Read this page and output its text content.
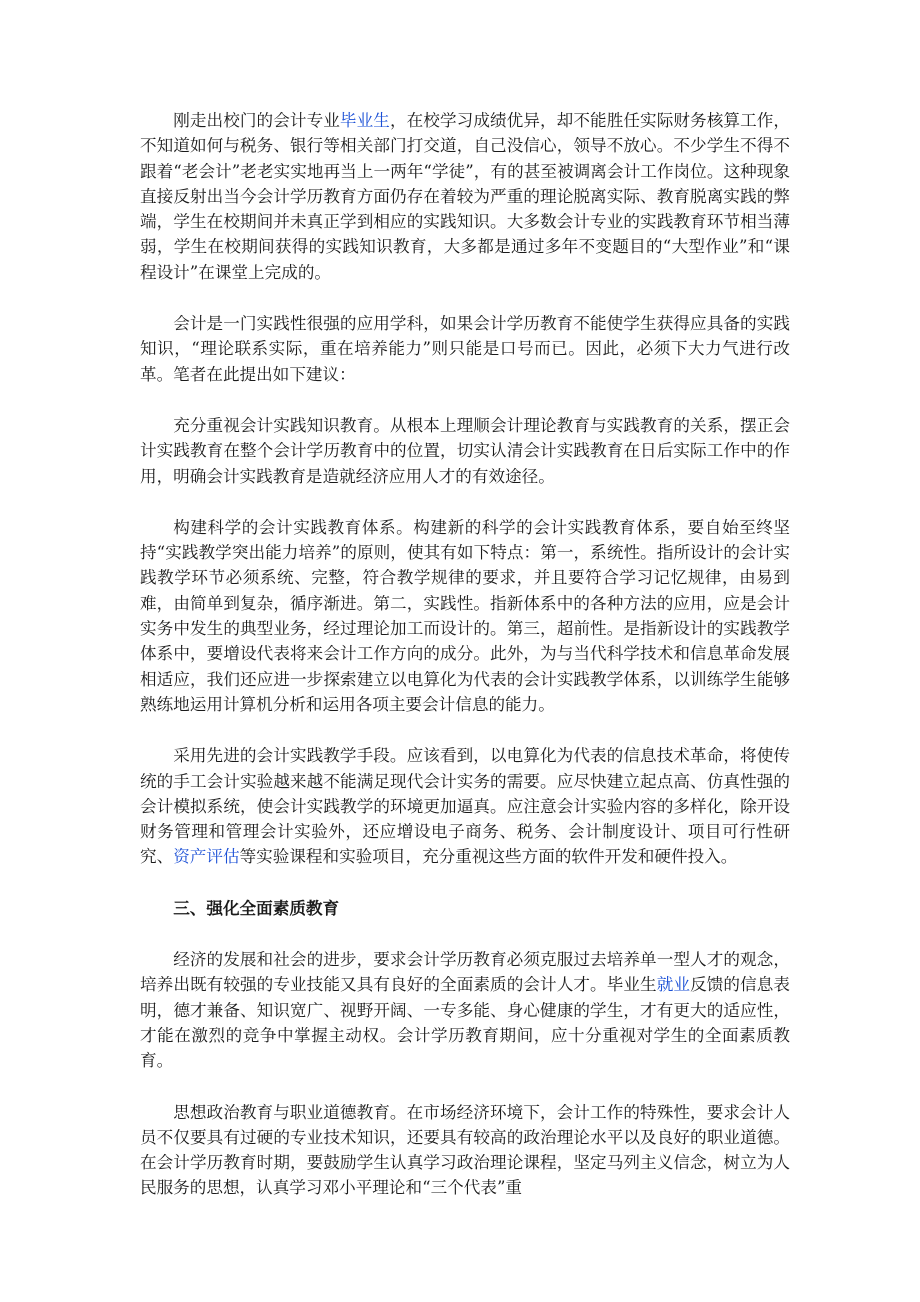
刚走出校门的会计专业毕业生，在校学习成绩优异，却不能胜任实际财务核算工作，不知道如何与税务、银行等相关部门打交道，自己没信心，领导不放心。不少学生不得不跟着“老会计”老老实实地再当上一两年“学徒”，有的甚至被调离会计工作岗位。这种现象直接反射出当今会计学历教育方面仍存在着较为严重的理论脱离实际、教育脱离实践的弊端，学生在校期间并未真正学到相应的实践知识。大多数会计专业的实践教育环节相当薄弱，学生在校期间获得的实践知识教育，大多都是通过多年不变题目的“大型作业”和“课程设计”在课堂上完成的。

会计是一门实践性很强的应用学科，如果会计学历教育不能使学生获得应具备的实践知识，“理论联系实际，重在培养能力”则只能是口号而已。因此，必须下大力气进行改革。笔者在此提出如下建议：

充分重视会计实践知识教育。从根本上理顺会计理论教育与实践教育的关系，摆正会计实践教育在整个会计学历教育中的位置，切实认清会计实践教育在日后实际工作中的作用，明确会计实践教育是造就经济应用人才的有效途径。

构建科学的会计实践教育体系。构建新的科学的会计实践教育体系，要自始至终坚持“实践教学突出能力培养”的原则，使其有如下特点：第一，系统性。指所设计的会计实践教学环节必须系统、完整，符合教学规律的要求，并且要符合学习记忆规律，由易到难，由简单到复杂，循序渐进。第二，实践性。指新体系中的各种方法的应用，应是会计实务中发生的典型业务，经过理论加工而设计的。第三，超前性。是指新设计的实践教学体系中，要增设代表将来会计工作方向的成分。此外，为与当代科学技术和信息革命发展相适应，我们还应进一步探索建立以电算化为代表的会计实践教学体系，以训练学生能够熟练地运用计算机分析和运用各项主要会计信息的能力。

采用先进的会计实践教学手段。应该看到，以电算化为代表的信息技术革命，将使传统的手工会计实验越来越不能满足现代会计实务的需要。应尽快建立起点高、仿真性强的会计模拟系统，使会计实践教学的环境更加逼真。应注意会计实验内容的多样化，除开设财务管理和管理会计实验外，还应增设电子商务、税务、会计制度设计、项目可行性研究、资产评估等实验课程和实验项目，充分重视这些方面的软件开发和硬件投入。

三、强化全面素质教育

经济的发展和社会的进步，要求会计学历教育必须克服过去培养单一型人才的观念，培养出既有较强的专业技能又具有良好的全面素质的会计人才。毕业生就业反馈的信息表明，德才兼备、知识宽广、视野开阔、一专多能、身心健康的学生，才有更大的适应性，才能在激烈的竞争中掌握主动权。会计学历教育期间，应十分重视对学生的全面素质教育。

思想政治教育与职业道德教育。在市场经济环境下，会计工作的特殊性，要求会计人员不仅要具有过硬的专业技术知识，还要具有较高的政治理论水平以及良好的职业道德。在会计学历教育时期，要鼓励学生认真学习政治理论课程，坚定马列主义信念，树立为人民服务的思想，认真学习邓小平理论和“三个代表”重
